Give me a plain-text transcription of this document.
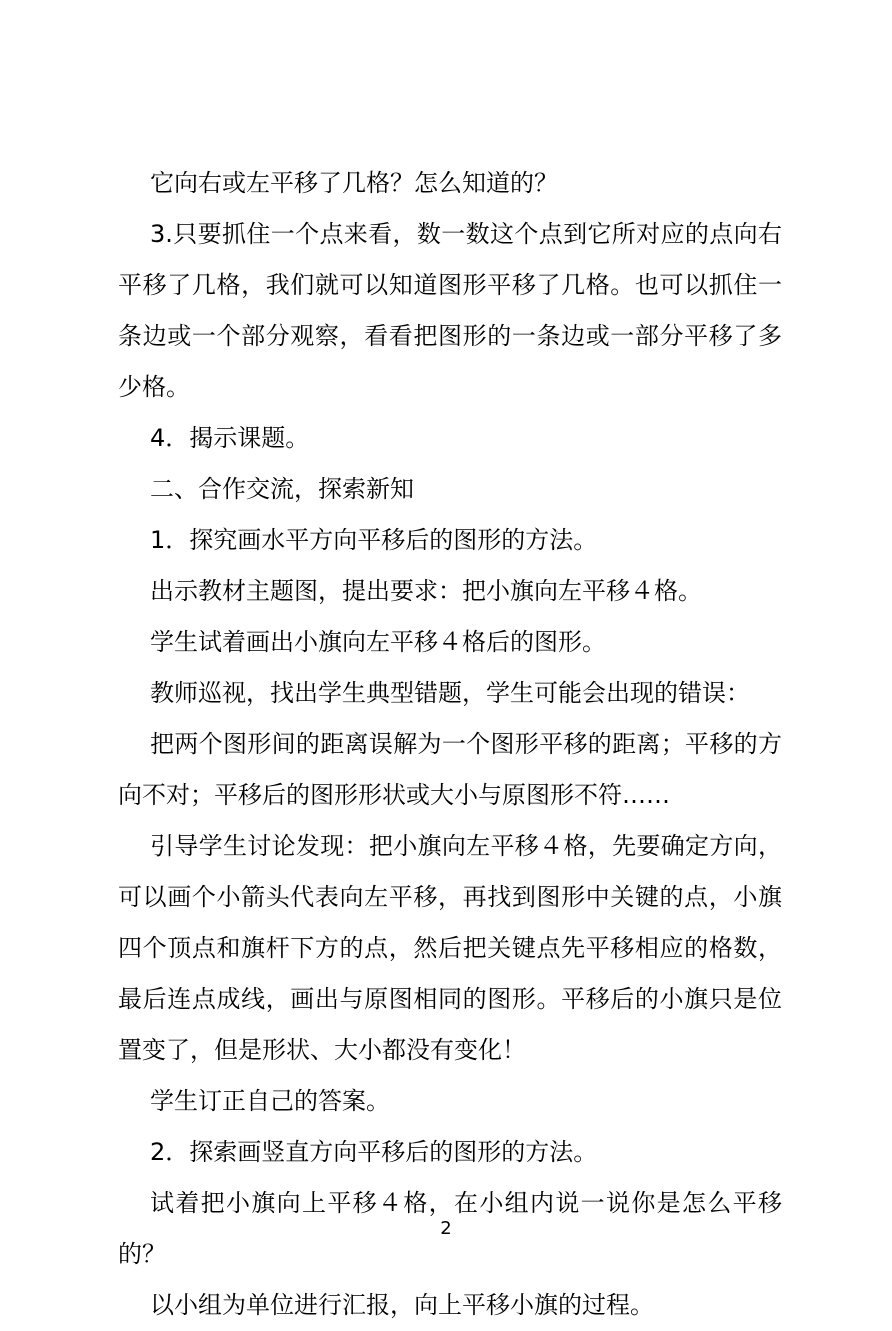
它向右或左平移了几格？怎么知道的？

3.只要抓住一个点来看，数一数这个点到它所对应的点向右平移了几格，我们就可以知道图形平移了几格。也可以抓住一条边或一个部分观察，看看把图形的一条边或一部分平移了多少格。

4．揭示课题。

二、合作交流，探索新知

1．探究画水平方向平移后的图形的方法。

出示教材主题图，提出要求：把小旗向左平移４格。

学生试着画出小旗向左平移４格后的图形。

教师巡视，找出学生典型错题，学生可能会出现的错误：

把两个图形间的距离误解为一个图形平移的距离；平移的方向不对；平移后的图形形状或大小与原图形不符……

引导学生讨论发现：把小旗向左平移４格，先要确定方向，可以画个小箭头代表向左平移，再找到图形中关键的点，小旗四个顶点和旗杆下方的点，然后把关键点先平移相应的格数，最后连点成线，画出与原图相同的图形。平移后的小旗只是位置变了，但是形状、大小都没有变化！

学生订正自己的答案。

2．探索画竖直方向平移后的图形的方法。

试着把小旗向上平移４格，在小组内说一说你是怎么平移的？

以小组为单位进行汇报，向上平移小旗的过程。

2
